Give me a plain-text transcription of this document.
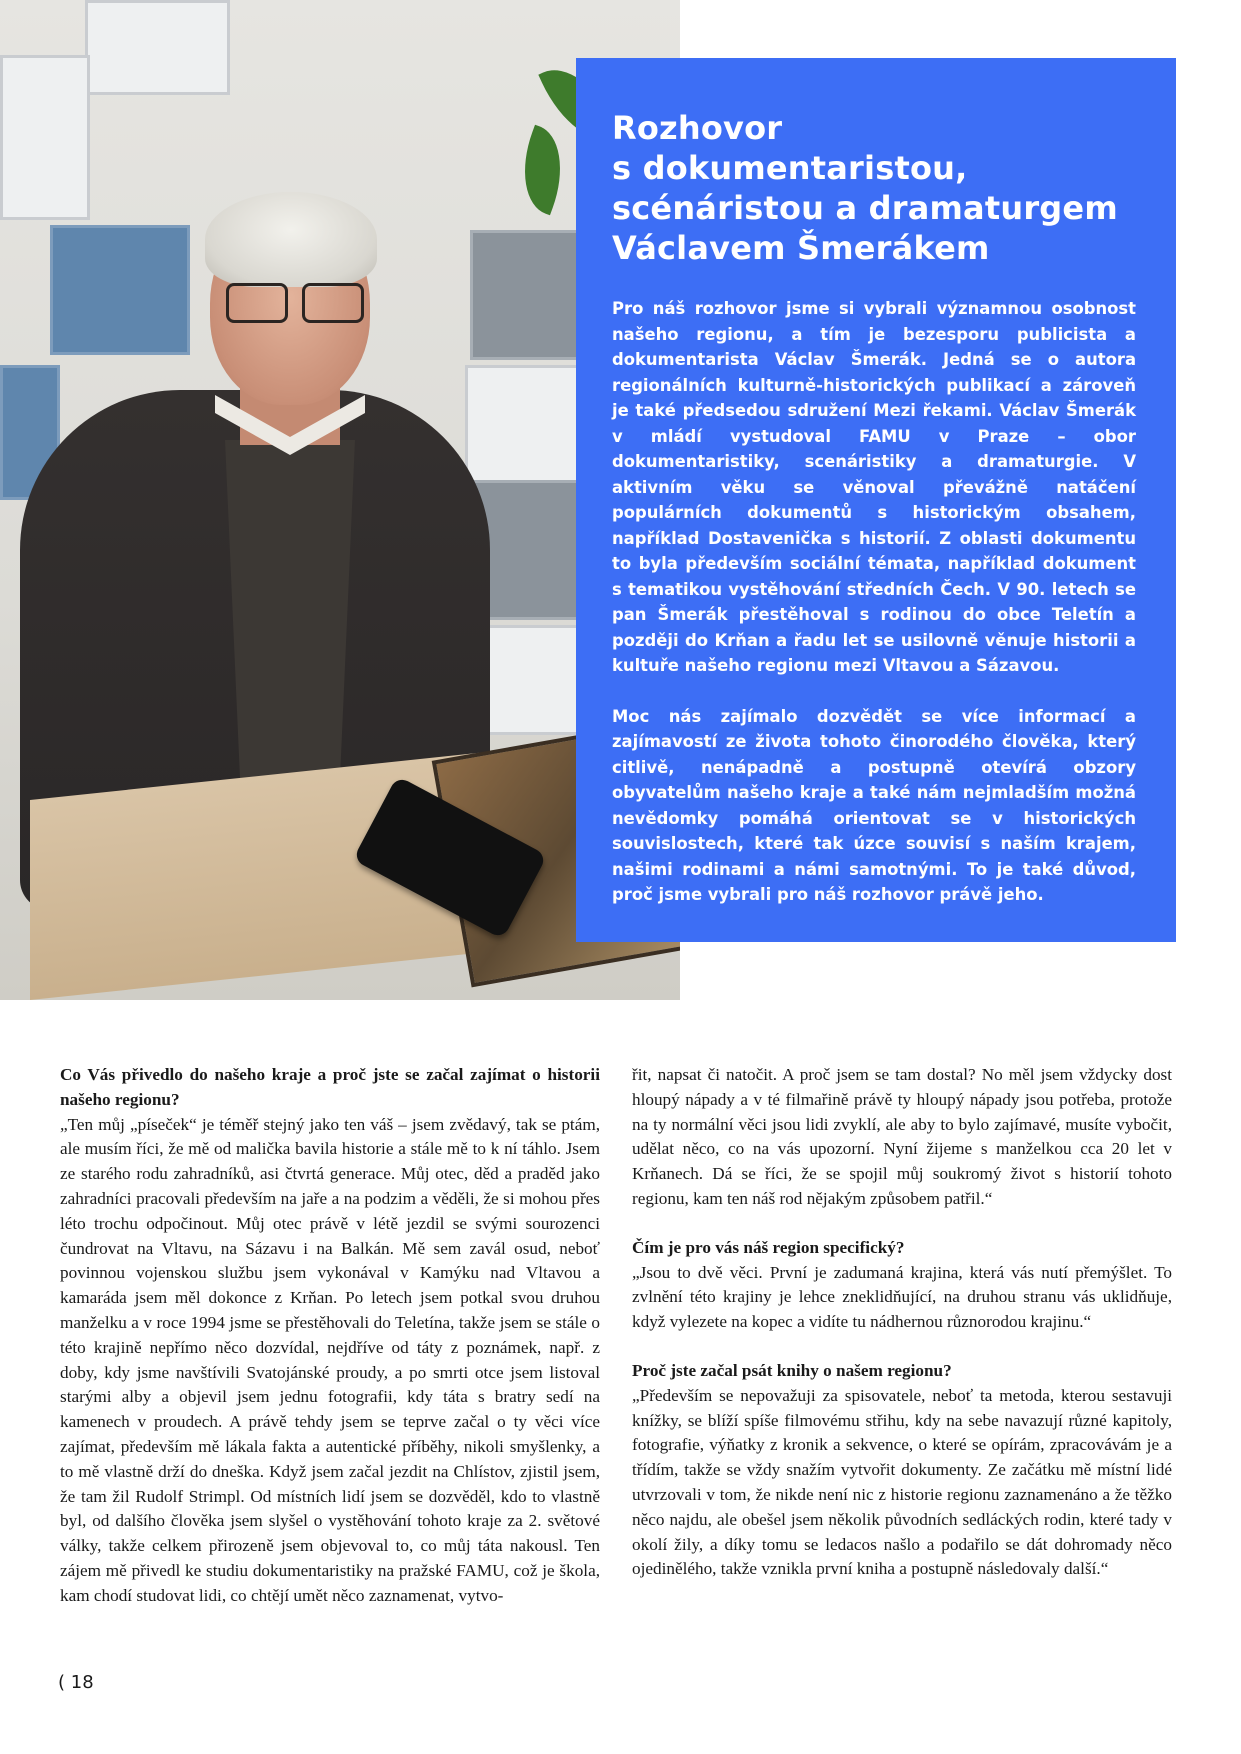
Rozhovor
s dokumentaristou,
scénáristou a dramaturgem
Václavem Šmerákem

Pro náš rozhovor jsme si vybrali významnou osobnost našeho regionu, a tím je bezesporu publicista a dokumentarista Václav Šmerák. Jedná se o autora regionálních kulturně-historických publikací a zároveň je také předsedou sdružení Mezi řekami. Václav Šmerák v mládí vystudoval FAMU v Praze – obor dokumentaristiky, scenáristiky a dramaturgie. V aktivním věku se věnoval převážně natáčení populárních dokumentů s historickým obsahem, například Dostavenička s historií. Z oblasti dokumentu to byla především sociální témata, například dokument s tematikou vystěhování středních Čech. V 90. letech se pan Šmerák přestěhoval s rodinou do obce Teletín a později do Krňan a řadu let se usilovně věnuje historii a kultuře našeho regionu mezi Vltavou a Sázavou.

Moc nás zajímalo dozvědět se více informací a zajímavostí ze života tohoto činorodého člověka, který citlivě, nenápadně a postupně otevírá obzory obyvatelům našeho kraje a také nám nejmladším možná nevědomky pomáhá orientovat se v historických souvislostech, které tak úzce souvisí s naším krajem, našimi rodinami a námi samotnými. To je také důvod, proč jsme vybrali pro náš rozhovor právě jeho.

Co Vás přivedlo do našeho kraje a proč jste se začal zajímat o historii našeho regionu?

„Ten můj „píseček“ je téměř stejný jako ten váš – jsem zvědavý, tak se ptám, ale musím říci, že mě od malička bavila historie a stále mě to k ní táhlo. Jsem ze starého rodu zahradníků, asi čtvrtá generace. Můj otec, děd a praděd jako zahradníci pracovali především na jaře a na podzim a věděli, že si mohou přes léto trochu odpočinout. Můj otec právě v létě jezdil se svými sourozenci čundrovat na Vltavu, na Sázavu i na Balkán. Mě sem zavál osud, neboť povinnou vojenskou službu jsem vykonával v Kamýku nad Vltavou a kamaráda jsem měl dokonce z Krňan. Po letech jsem potkal svou druhou manželku a v roce 1994 jsme se přestěhovali do Teletína, takže jsem se stále o této krajině nepřímo něco dozvídal, nejdříve od táty z poznámek, např. z doby, kdy jsme navštívili Svatojánské proudy, a po smrti otce jsem listoval starými alby a objevil jsem jednu fotografii, kdy táta s bratry sedí na kamenech v proudech. A právě tehdy jsem se teprve začal o ty věci více zajímat, především mě lákala fakta a autentické příběhy, nikoli smyšlenky, a to mě vlastně drží do dneška. Když jsem začal jezdit na Chlístov, zjistil jsem, že tam žil Rudolf Strimpl. Od místních lidí jsem se dozvěděl, kdo to vlastně byl, od dalšího člověka jsem slyšel o vystěhování tohoto kraje za 2. světové války, takže celkem přirozeně jsem objevoval to, co můj táta nakousl. Ten zájem mě přivedl ke studiu dokumentaristiky na pražské FAMU, což je škola, kam chodí studovat lidi, co chtějí umět něco zaznamenat, vytvo-

řit, napsat či natočit. A proč jsem se tam dostal? No měl jsem vždycky dost hloupý nápady a v té filmařině právě ty hloupý nápady jsou potřeba, protože na ty normální věci jsou lidi zvyklí, ale aby to bylo zajímavé, musíte vybočit, udělat něco, co na vás upozorní. Nyní žijeme s manželkou cca 20 let v Krňanech. Dá se říci, že se spojil můj soukromý život s historií tohoto regionu, kam ten náš rod nějakým způsobem patřil.“

Čím je pro vás náš region specifický?

„Jsou to dvě věci. První je zadumaná krajina, která vás nutí přemýšlet. To zvlnění této krajiny je lehce zneklidňující, na druhou stranu vás uklidňuje, když vylezete na kopec a vidíte tu nádhernou různorodou krajinu.“

Proč jste začal psát knihy o našem regionu?

„Především se nepovažuji za spisovatele, neboť ta metoda, kterou sestavuji knížky, se blíží spíše filmovému střihu, kdy na sebe navazují různé kapitoly, fotografie, výňatky z kronik a sekvence, o které se opírám, zpracovávám je a třídím, takže se vždy snažím vytvořit dokumenty. Ze začátku mě místní lidé utvrzovali v tom, že nikde není nic z historie regionu zaznamenáno a že těžko něco najdu, ale obešel jsem několik původních sedláckých rodin, které tady v okolí žily, a díky tomu se ledacos našlo a podařilo se dát dohromady něco ojedinělého, takže vznikla první kniha a postupně následovaly další.“

( 18
